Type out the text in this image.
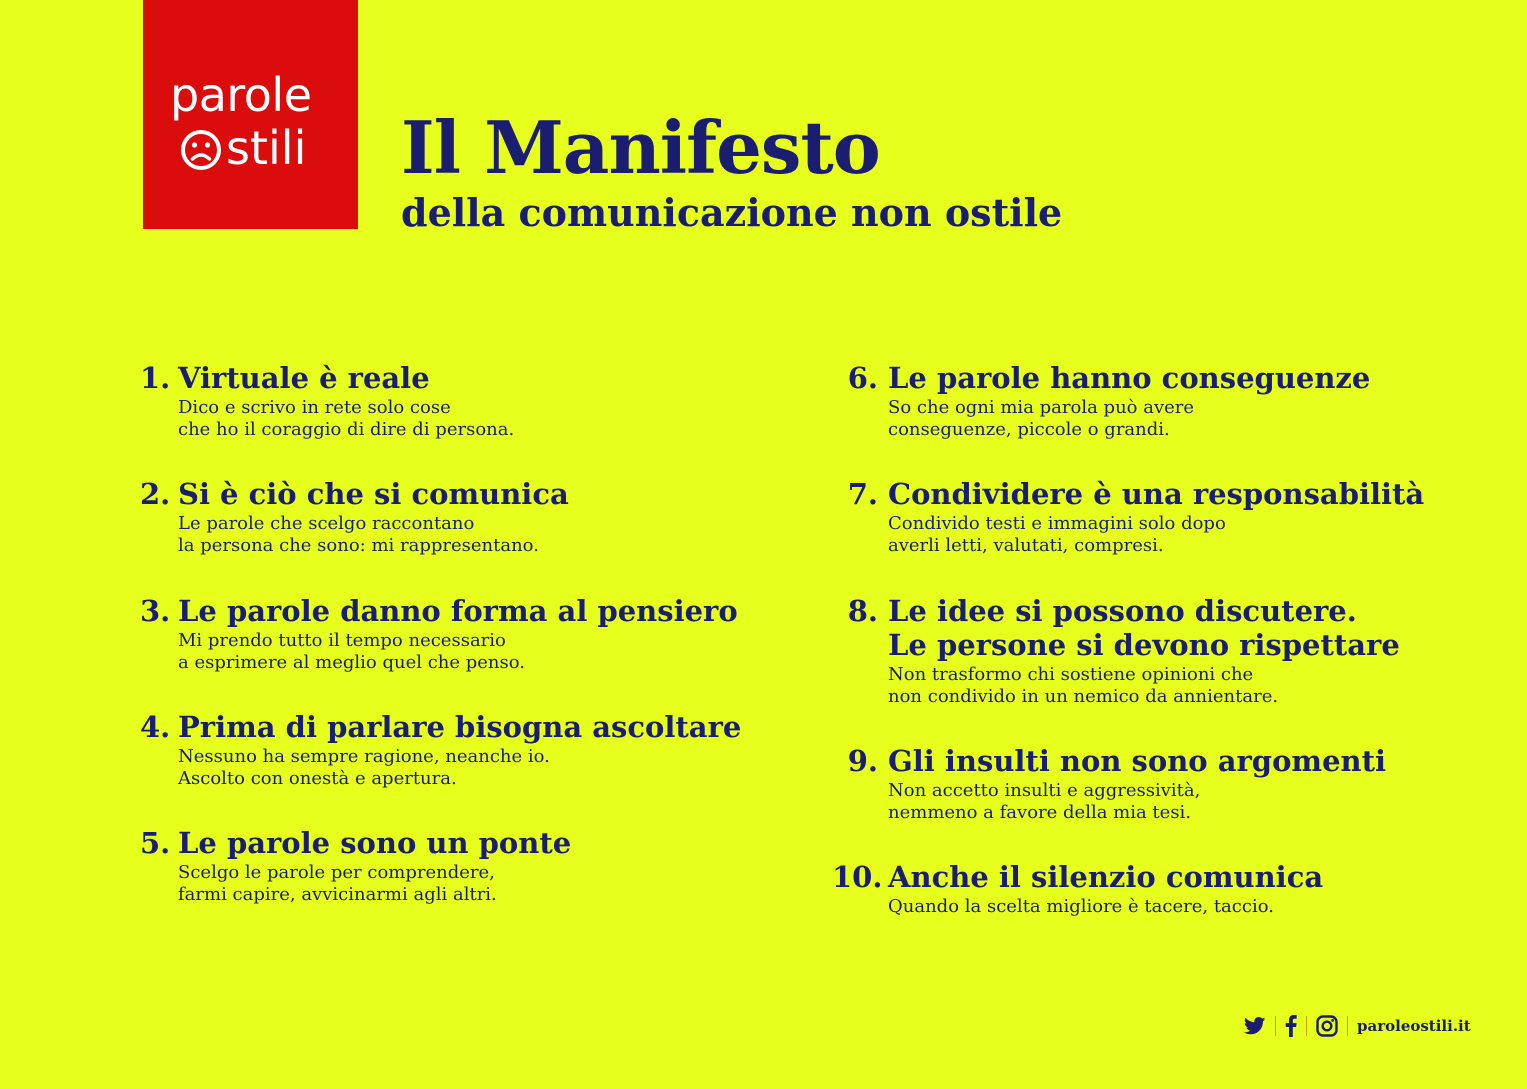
parole
stili Il Manifesto
della comunicazione non ostile
1. Virtuale è reale
Dico e scrivo in rete solo cose
che ho il coraggio di dire di persona.
2. Si è ciò che si comunica
Le parole che scelgo raccontano
la persona che sono: mi rappresentano.
3. Le parole danno forma al pensiero
Mi prendo tutto il tempo necessario
a esprimere al meglio quel che penso.
4. Prima di parlare bisogna ascoltare
Nessuno ha sempre ragione, neanche io.
Ascolto con onestà e apertura.
5. Le parole sono un ponte
Scelgo le parole per comprendere,
farmi capire, avvicinarmi agli altri.
6. Le parole hanno conseguenze
So che ogni mia parola può avere
conseguenze, piccole o grandi.
7. Condividere è una responsabilità
Condivido testi e immagini solo dopo
averli letti, valutati, compresi.
8. Le idee si possono discutere.
Le persone si devono rispettare
Non trasformo chi sostiene opinioni che
non condivido in un nemico da annientare.
9. Gli insulti non sono argomenti
Non accetto insulti e aggressività,
nemmeno a favore della mia tesi.
10. Anche il silenzio comunica
Quando la scelta migliore è tacere, taccio.
paroleostili.it
